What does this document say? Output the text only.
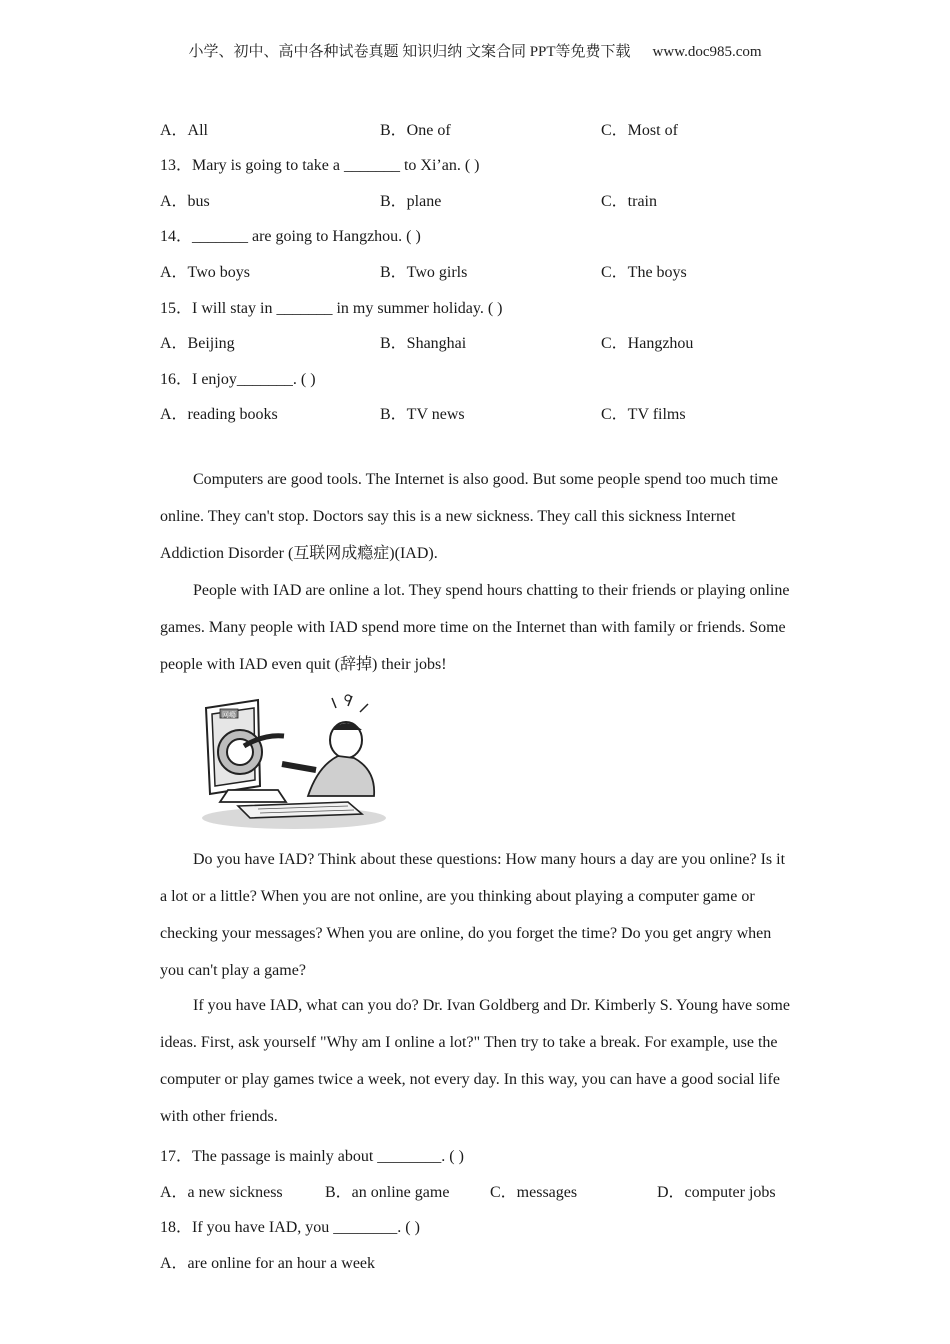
小学、初中、高中各种试卷真题 知识归纳 文案合同 PPT等免费下载 www.doc985.com
A．All	B．One of	C．Most of
13．Mary is going to take a _______ to Xi’an. ( )
A．bus	B．plane	C．train
14．_______ are going to Hangzhou. ( )
A．Two boys	B．Two girls	C．The boys
15．I will stay in _______ in my summer holiday. ( )
A．Beijing	B．Shanghai	C．Hangzhou
16．I enjoy_______. ( )
A．reading books	B．TV news	C．TV films
Computers are good tools. The Internet is also good. But some people spend too much time online. They can't stop. Doctors say this is a new sickness. They call this sickness Internet Addiction Disorder (互联网成瘾症)(IAD).
People with IAD are online a lot. They spend hours chatting to their friends or playing online games. Many people with IAD spend more time on the Internet than with family or friends. Some people with IAD even quit (辞掉) their jobs!
网瘾
Do you have IAD? Think about these questions: How many hours a day are you online? Is it a lot or a little? When you are not online, are you thinking about playing a computer game or checking your messages? When you are online, do you forget the time? Do you get angry when you can't play a game?
If you have IAD, what can you do? Dr. Ivan Goldberg and Dr. Kimberly S. Young have some ideas. First, ask yourself "Why am I online a lot?" Then try to take a break. For example, use the computer or play games twice a week, not every day. In this way, you can have a good social life with other friends.
17．The passage is mainly about ________. ( )
A．a new sickness	B．an online game	C．messages	D．computer jobs
18．If you have IAD, you ________. ( )
A．are online for an hour a week
